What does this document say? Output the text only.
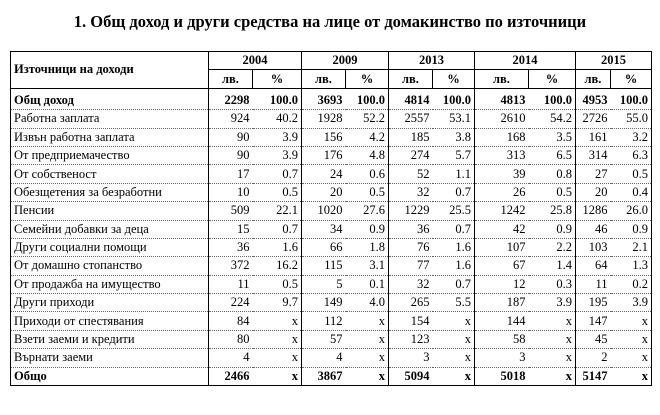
1. Общ доход и други средства на лице от домакинство по източници
Източници на доходи	2004		2009		2013		2014		2015	
	лв.	%	лв.	%	лв.	%	лв.	%	лв.	%
Общ доход	2298	100.0	3693	100.0	4814	100.0	4813	100.0	4953	100.0
Работна заплата	924	40.2	1928	52.2	2557	53.1	2610	54.2	2726	55.0
Извън работна заплата	90	3.9	156	4.2	185	3.8	168	3.5	161	3.2
От предприемачество	90	3.9	176	4.8	274	5.7	313	6.5	314	6.3
От собственост	17	0.7	24	0.6	52	1.1	39	0.8	27	0.5
Обезщетения за безработни	10	0.5	20	0.5	32	0.7	26	0.5	20	0.4
Пенсии	509	22.1	1020	27.6	1229	25.5	1242	25.8	1286	26.0
Семейни добавки за деца	15	0.7	34	0.9	36	0.7	42	0.9	46	0.9
Други социални помощи	36	1.6	66	1.8	76	1.6	107	2.2	103	2.1
От домашно стопанство	372	16.2	115	3.1	77	1.6	67	1.4	64	1.3
От продажба на имущество	11	0.5	5	0.1	32	0.7	12	0.3	11	0.2
Други приходи	224	9.7	149	4.0	265	5.5	187	3.9	195	3.9
Приходи от спестявания	84	x	112	x	154	x	144	x	147	x
Взети заеми и кредити	80	x	57	x	123	x	58	x	45	x
Върнати заеми	4	x	4	x	3	x	3	x	2	x
Общо	2466	x	3867	x	5094	x	5018	x	5147	x
